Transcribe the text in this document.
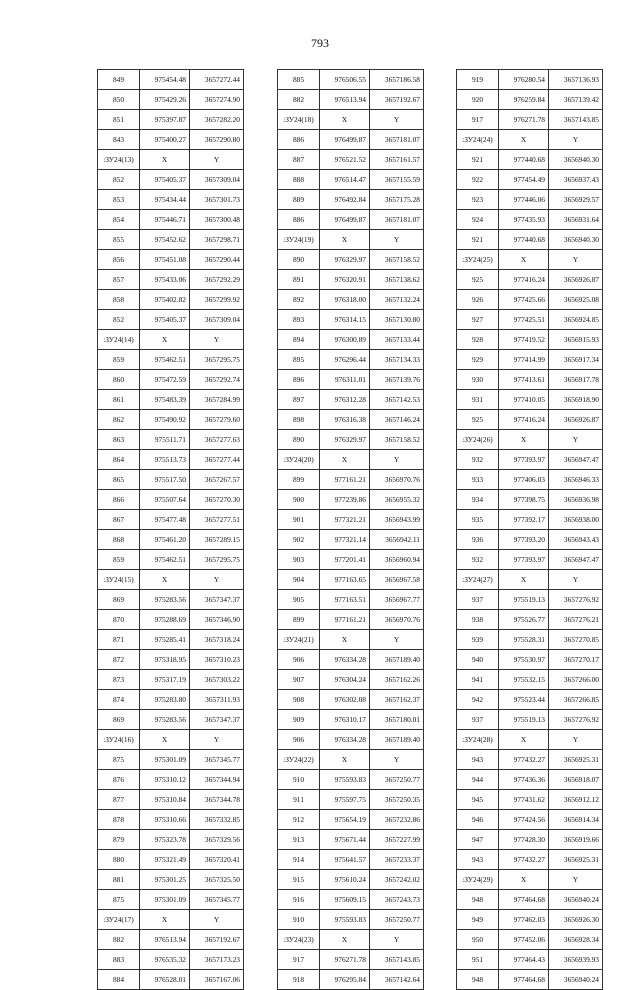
793
849	975454.48	3657272.44
850	975429.26	3657274.90
851	975397.87	3657282.20
843	975400.27	3657290.80
:ЗУ24(13)	X	Y
852	975405.37	3657309.04
853	975434.44	3657301.73
854	975446.71	3657300.48
855	975452.62	3657298.71
856	975451.08	3657290.44
857	975433.06	3657292.29
858	975402.82	3657299.92
852	975405.37	3657309.04
:ЗУ24(14)	X	Y
859	975462.51	3657295.75
860	975472.59	3657292.74
861	975483.39	3657284.99
862	975490.92	3657279.60
863	975511.71	3657277.63
864	975513.73	3657277.44
865	975517.50	3657267.57
866	975507.64	3657270.30
867	975477.48	3657277.51
868	975461.20	3657289.15
859	975462.51	3657295.75
:ЗУ24(15)	X	Y
869	975283.56	3657347.37
870	975288.69	3657346.90
871	975285.41	3657318.24
872	975318.95	3657310.23
873	975317.19	3657303.22
874	975283.80	3657311.93
869	975283.56	3657347.37
:ЗУ24(16)	X	Y
875	975301.09	3657345.77
876	975310.12	3657344.94
877	975310.84	3657344.78
878	975310.66	3657332.85
879	975323.78	3657329.56
880	975321.49	3657320.41
881	975301.25	3657325.50
875	975301.09	3657345.77
:ЗУ24(17)	X	Y
882	976513.94	3657192.67
883	976535.32	3657173.23
884	976528.01	3657167.06
885	976506.55	3657186.58
882	976513.94	3657192.67
:ЗУ24(18)	X	Y
886	976499.87	3657181.07
887	976521.52	3657161.57
888	976514.47	3657155.59
889	976492.84	3657175.28
886	976499.87	3657181.07
:ЗУ24(19)	X	Y
890	976329.97	3657158.52
891	976320.91	3657138.62
892	976318.00	3657132.24
893	976314.15	3657130.80
894	976300.89	3657133.44
895	976296.44	3657134.33
896	976311.01	3657139.76
897	976312.28	3657142.53
898	976316.38	3657146.24
890	976329.97	3657158.52
:ЗУ24(20)	X	Y
899	977161.21	3656970.76
900	977239.86	3656955.32
901	977321.21	3656943.99
902	977321.14	3656942.11
903	977201.41	3656960.94
904	977163.65	3656967.58
905	977163.51	3656967.77
899	977161.21	3656970.76
:ЗУ24(21)	X	Y
906	976334.28	3657189.40
907	976304.24	3657162.26
908	976302.08	3657162.37
909	976310.17	3657180.01
906	976334.28	3657189.40
:ЗУ24(22)	X	Y
910	975593.83	3657250.77
911	975597.75	3657250.35
912	975654.19	3657232.86
913	975671.44	3657227.99
914	975641.57	3657233.37
915	975610.24	3657242.02
916	975609.15	3657243.73
910	975593.83	3657250.77
:ЗУ24(23)	X	Y
917	976271.78	3657143.85
918	976295.84	3657142.64
919	976280.54	3657136.93
920	976259.84	3657139.42
917	976271.78	3657143.85
:ЗУ24(24)	X	Y
921	977440.68	3656940.30
922	977454.49	3656937.43
923	977446.06	3656929.57
924	977435.93	3656931.64
921	977440.68	3656940.30
:ЗУ24(25)	X	Y
925	977416.24	3656926.87
926	977425.66	3656925.08
927	977425.51	3656924.85
928	977419.52	3656915.93
929	977414.99	3656917.34
930	977413.61	3656917.78
931	977410.05	3656918.90
925	977416.24	3656926.87
:ЗУ24(26)	X	Y
932	977393.97	3656947.47
933	977406.03	3656946.33
934	977398.75	3656936.98
935	977392.17	3656938.00
936	977393.20	3656943.43
932	977393.97	3656947.47
:ЗУ24(27)	X	Y
937	975519.13	3657276.92
938	975526.77	3657276.21
939	975528.31	3657270.85
940	975530.97	3657270.17
941	975532.15	3657266.00
942	975523.44	3657266.85
937	975519.13	3657276.92
:ЗУ24(28)	X	Y
943	977432.27	3656925.31
944	977436.36	3656918.07
945	977431.62	3656912.12
946	977424.56	3656914.34
947	977428.30	3656919.66
943	977432.27	3656925.31
:ЗУ24(29)	X	Y
948	977464.68	3656940.24
949	977462.03	3656926.30
950	977452.06	3656928.34
951	977464.43	3656939.93
948	977464.68	3656940.24
